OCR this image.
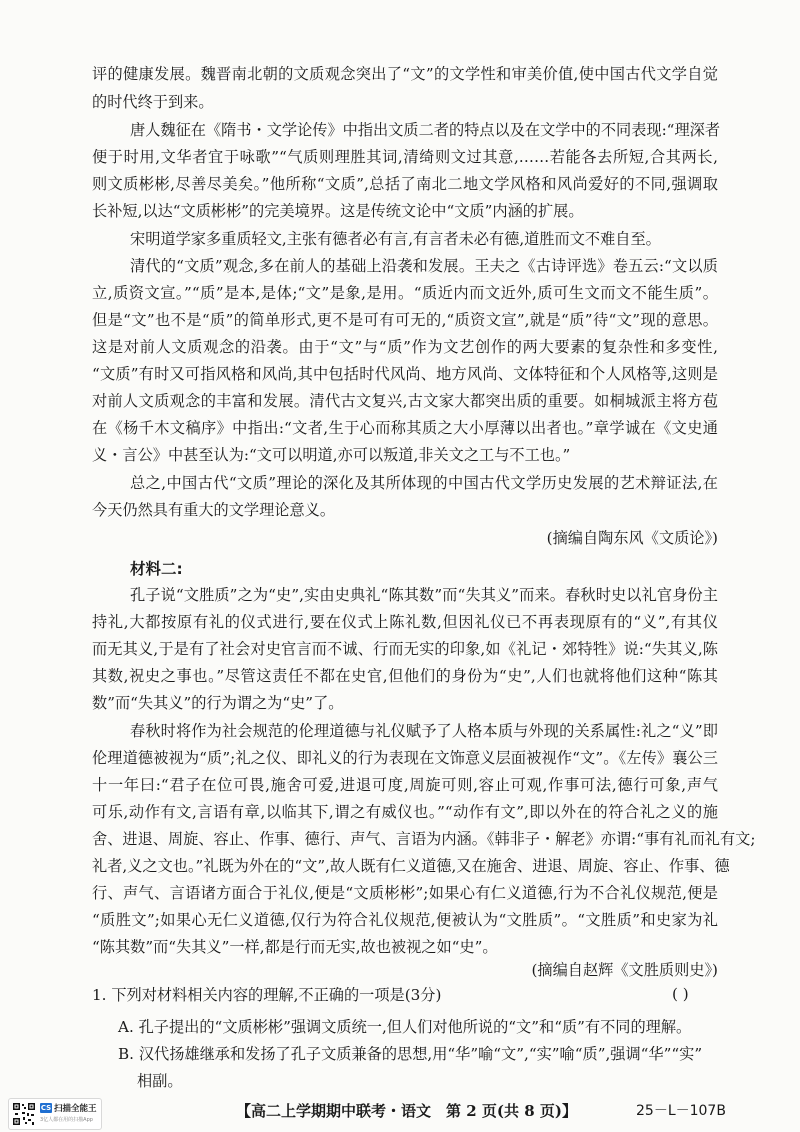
评的健康发展。魏晋南北朝的文质观念突出了“文”的文学性和审美价值,使中国古代文学自觉
的时代终于到来。
唐人魏征在《隋书・文学论传》中指出文质二者的特点以及在文学中的不同表现:“理深者
便于时用,文华者宜于咏歌”“气质则理胜其词,清绮则文过其意,……若能各去所短,合其两长,
则文质彬彬,尽善尽美矣。”他所称“文质”,总括了南北二地文学风格和风尚爱好的不同,强调取
长补短,以达“文质彬彬”的完美境界。这是传统文论中“文质”内涵的扩展。
宋明道学家多重质轻文,主张有德者必有言,有言者未必有德,道胜而文不难自至。
清代的“文质”观念,多在前人的基础上沿袭和发展。王夫之《古诗评选》卷五云:“文以质
立,质资文宣。”“质”是本,是体;“文”是象,是用。“质近内而文近外,质可生文而文不能生质”。
但是“文”也不是“质”的简单形式,更不是可有可无的,“质资文宣”,就是“质”待“文”现的意思。
这是对前人文质观念的沿袭。由于“文”与“质”作为文艺创作的两大要素的复杂性和多变性,
“文质”有时又可指风格和风尚,其中包括时代风尚、地方风尚、文体特征和个人风格等,这则是
对前人文质观念的丰富和发展。清代古文复兴,古文家大都突出质的重要。如桐城派主将方苞
在《杨千木文稿序》中指出:“文者,生于心而称其质之大小厚薄以出者也。”章学诚在《文史通
义・言公》中甚至认为:“文可以明道,亦可以叛道,非关文之工与不工也。”
总之,中国古代“文质”理论的深化及其所体现的中国古代文学历史发展的艺术辩证法,在
今天仍然具有重大的文学理论意义。
(摘编自陶东风《文质论》)
材料二:
孔子说“文胜质”之为“史”,实由史典礼“陈其数”而“失其义”而来。春秋时史以礼官身份主
持礼,大都按原有礼的仪式进行,要在仪式上陈礼数,但因礼仪已不再表现原有的“义”,有其仪
而无其义,于是有了社会对史官言而不诚、行而无实的印象,如《礼记・郊特牲》说:“失其义,陈
其数,祝史之事也。”尽管这责任不都在史官,但他们的身份为“史”,人们也就将他们这种“陈其
数”而“失其义”的行为谓之为“史”了。
春秋时将作为社会规范的伦理道德与礼仪赋予了人格本质与外现的关系属性:礼之“义”即
伦理道德被视为“质”;礼之仪、即礼义的行为表现在文饰意义层面被视作“文”。《左传》襄公三
十一年曰:“君子在位可畏,施舍可爱,进退可度,周旋可则,容止可观,作事可法,德行可象,声气
可乐,动作有文,言语有章,以临其下,谓之有威仪也。”“动作有文”,即以外在的符合礼之义的施
舍、进退、周旋、容止、作事、德行、声气、言语为内涵。《韩非子・解老》亦谓:“事有礼而礼有文;
礼者,义之文也。”礼既为外在的“文”,故人既有仁义道德,又在施舍、进退、周旋、容止、作事、德
行、声气、言语诸方面合于礼仪,便是“文质彬彬”;如果心有仁义道德,行为不合礼仪规范,便是
“质胜文”;如果心无仁义道德,仅行为符合礼仪规范,便被认为“文胜质”。“文胜质”和史家为礼
“陈其数”而“失其义”一样,都是行而无实,故也被视之如“史”。
(摘编自赵辉《文胜质则史》)
1. 下列对材料相关内容的理解,不正确的一项是(3分)	( )
A. 孔子提出的“文质彬彬”强调文质统一,但人们对他所说的“文”和“质”有不同的理解。
B. 汉代扬雄继承和发扬了孔子文质兼备的思想,用“华”喻“文”,“实”喻“质”,强调“华”“实”
相副。
【高二上学期期中联考・语文　第 2 页(共 8 页)】	25－L－107B
CS 扫描全能王
3亿人都在用的扫描App
